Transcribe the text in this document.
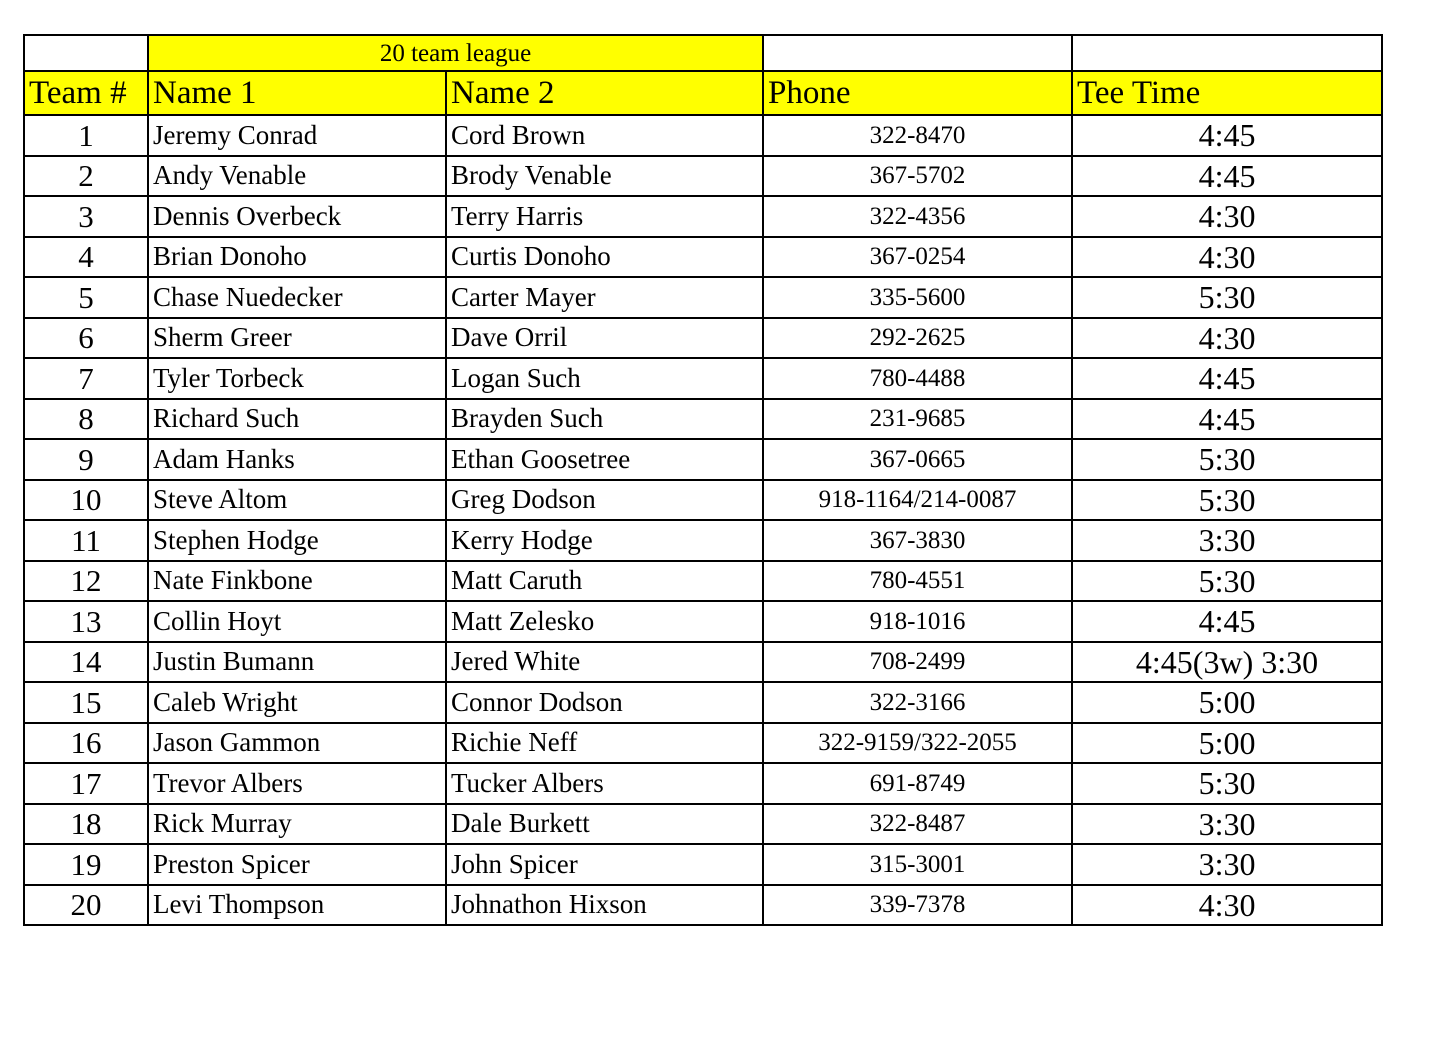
	20 team league			
Team #	Name 1	Name 2	Phone	Tee Time
1	Jeremy Conrad	Cord Brown	322-8470	4:45
2	Andy Venable	Brody Venable	367-5702	4:45
3	Dennis Overbeck	Terry Harris	322-4356	4:30
4	Brian Donoho	Curtis Donoho	367-0254	4:30
5	Chase Nuedecker	Carter Mayer	335-5600	5:30
6	Sherm Greer	Dave Orril	292-2625	4:30
7	Tyler Torbeck	Logan Such	780-4488	4:45
8	Richard Such	Brayden Such	231-9685	4:45
9	Adam Hanks	Ethan Goosetree	367-0665	5:30
10	Steve Altom	Greg Dodson	918-1164/214-0087	5:30
11	Stephen Hodge	Kerry Hodge	367-3830	3:30
12	Nate Finkbone	Matt Caruth	780-4551	5:30
13	Collin Hoyt	Matt Zelesko	918-1016	4:45
14	Justin Bumann	Jered White	708-2499	4:45(3w) 3:30
15	Caleb Wright	Connor Dodson	322-3166	5:00
16	Jason Gammon	Richie Neff	322-9159/322-2055	5:00
17	Trevor Albers	Tucker Albers	691-8749	5:30
18	Rick Murray	Dale Burkett	322-8487	3:30
19	Preston Spicer	John Spicer	315-3001	3:30
20	Levi Thompson	Johnathon Hixson	339-7378	4:30
